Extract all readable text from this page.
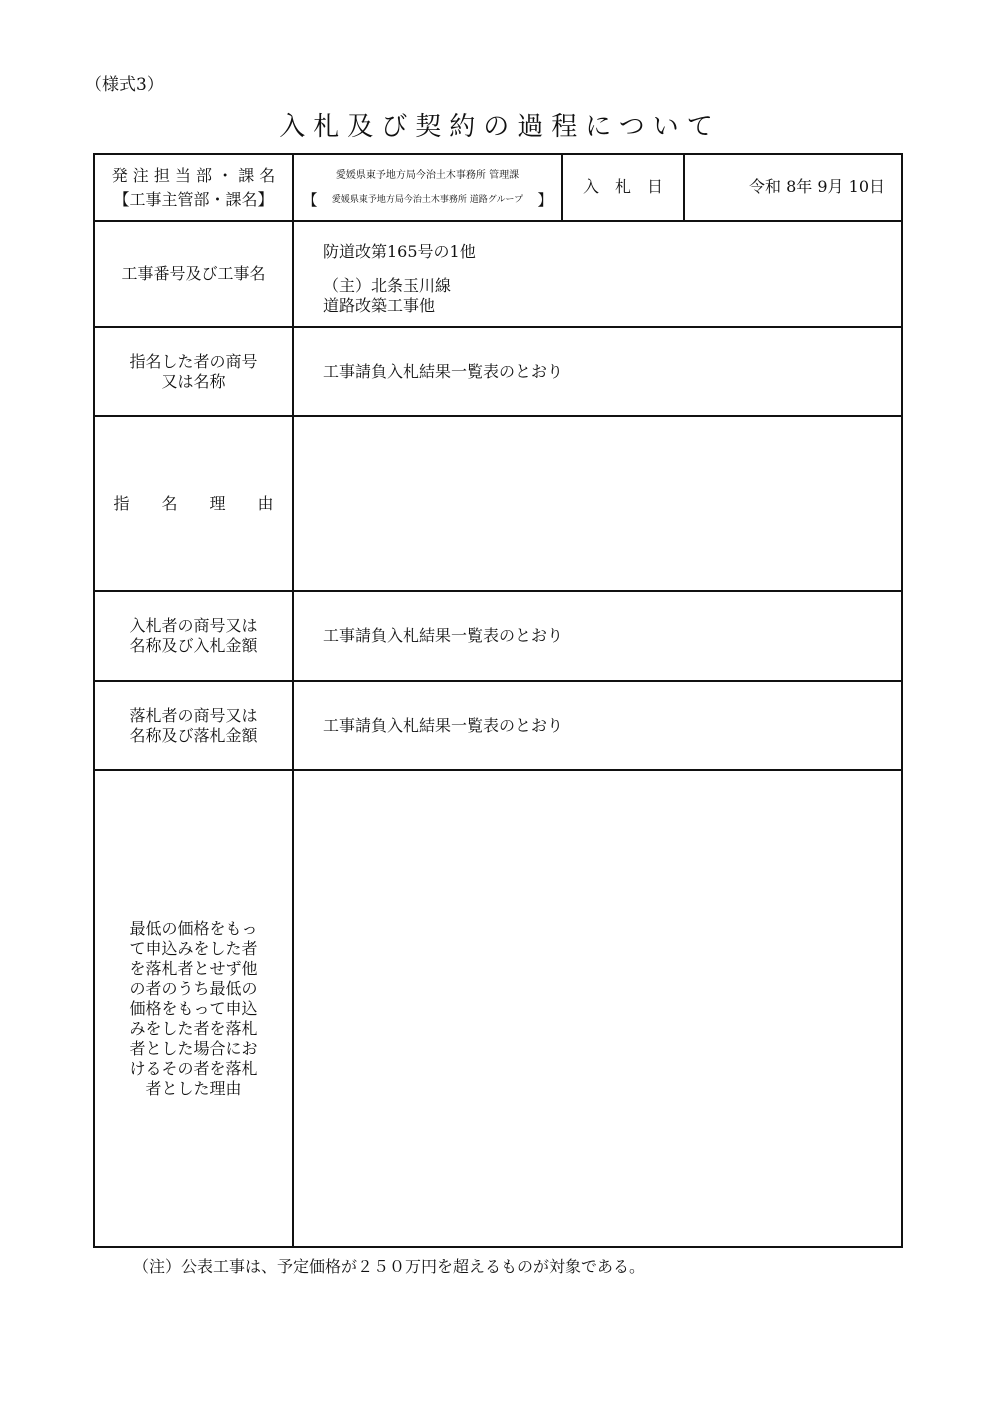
（様式3）
入札及び契約の過程について
発 注 担 当 部 ・ 課 名
【工事主管部・課名】
愛媛県東予地方局今治土木事務所 管理課
【 愛媛県東予地方局今治土木事務所 道路グループ 】
入　札　日	令和 8年 9月 10日
工事番号及び工事名
防道改第165号の1他
（主）北条玉川線
道路改築工事他
指名した者の商号
又は名称
工事請負入札結果一覧表のとおり
指　　名　　理　　由
入札者の商号又は
名称及び入札金額
工事請負入札結果一覧表のとおり
落札者の商号又は
名称及び落札金額
工事請負入札結果一覧表のとおり
最低の価格をもっ
て申込みをした者
を落札者とせず他
の者のうち最低の
価格をもって申込
みをした者を落札
者とした場合にお
けるその者を落札
者とした理由
（注）公表工事は、予定価格が２５０万円を超えるものが対象である。
